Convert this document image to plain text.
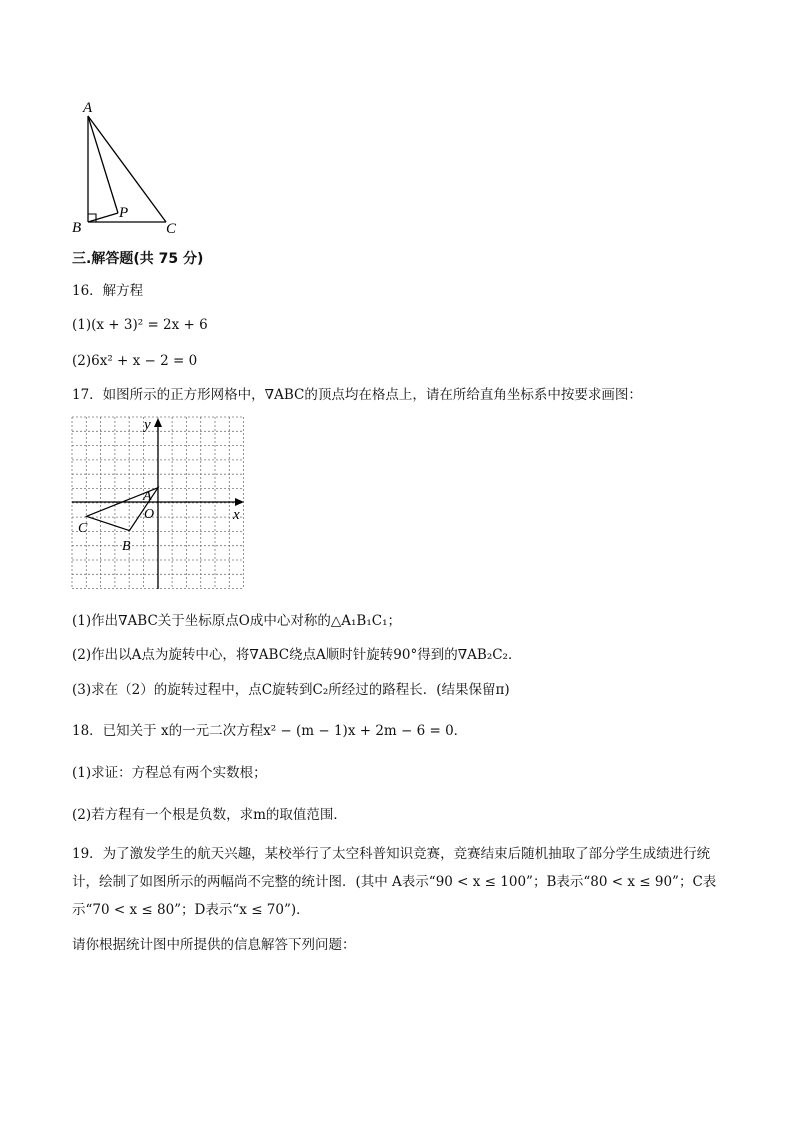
A
B	C
P
三.解答题(共 75 分)
16．解方程
(1)(x + 3)² = 2x + 6
(2)6x² + x − 2 = 0
17．如图所示的正方形网格中，∇ABC的顶点均在格点上，请在所给直角坐标系中按要求画图：
y
x
A
O
C
B
(1)作出∇ABC关于坐标原点O成中心对称的△A₁B₁C₁；
(2)作出以A点为旋转中心，将∇ABC绕点A顺时针旋转90°得到的∇AB₂C₂．
(3)求在（2）的旋转过程中，点C旋转到C₂所经过的路程长．(结果保留π)
18．已知关于 x的一元二次方程x² − (m − 1)x + 2m − 6 = 0．
(1)求证：方程总有两个实数根；
(2)若方程有一个根是负数，求m的取值范围．
19．为了激发学生的航天兴趣，某校举行了太空科普知识竞赛，竞赛结束后随机抽取了部分学生成绩进行统计，绘制了如图所示的两幅尚不完整的统计图．(其中 A表示“90 < x ≤ 100”；B表示“80 < x ≤ 90”；C表示“70 < x ≤ 80”；D表示“x ≤ 70”)．
请你根据统计图中所提供的信息解答下列问题：
